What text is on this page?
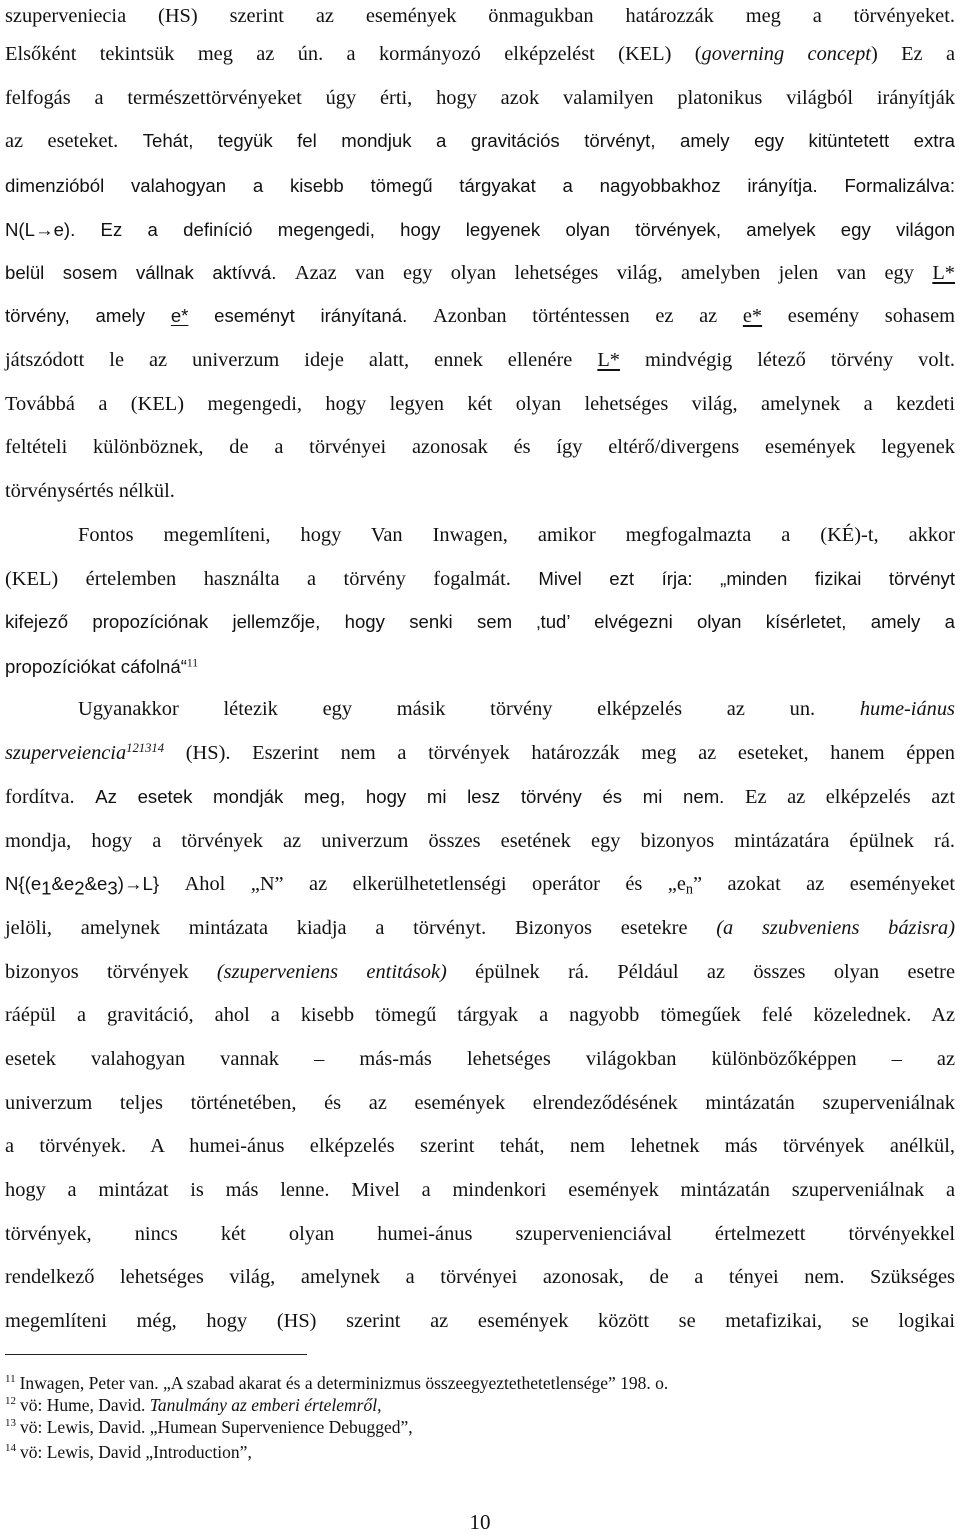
szupervenieciа (HS) szerint az események önmagukban határozzák meg a törvényeket.
Elsőként tekintsük meg az ún. a kormányozó elképzelést (KEL) (governing concept) Ez a
felfogás a természettörvényeket úgy érti, hogy azok valamilyen platonikus világból irányítják
az eseteket. Tehát, tegyük fel mondjuk a gravitációs törvényt, amely egy kitüntetett extra
dimenzióból valahogyan a kisebb tömegű tárgyakat a nagyobbakhoz irányítja. Formalizálva:
N(L→e). Ez a definíció megengedi, hogy legyenek olyan törvények, amelyek egy világon
belül sosem vállnak aktívvá. Azaz van egy olyan lehetséges világ, amelyben jelen van egy L*
törvény, amely e* eseményt irányítaná. Azonban történtessen ez az e* esemény sohasem
játszódott le az univerzum ideje alatt, ennek ellenére L* mindvégig létező törvény volt.
Továbbá a (KEL) megengedi, hogy legyen két olyan lehetséges világ, amelynek a kezdeti
feltételi különböznek, de a törvényei azonosak és így eltérő/divergens események legyenek
törvénysértés nélkül.
Fontos megemlíteni, hogy Van Inwagen, amikor megfogalmazta a (KÉ)-t, akkor
(KEL) értelemben használta a törvény fogalmát. Mivel ezt írja: „minden fizikai törvényt
kifejező propozíciónak jellemzője, hogy senki sem ‚tud’ elvégezni olyan kísérletet, amely a
propozíciókat cáfolná“$^{11}$
Ugyanakkor létezik egy másik törvény elképzelés az un. hume-iánus
szuperveiencia$^{121314}$ (HS). Eszerint nem a törvények határozzák meg az eseteket, hanem éppen
fordítva. Az esetek mondják meg, hogy mi lesz törvény és mi nem. Ez az elképzelés azt
mondja, hogy a törvények az univerzum összes esetének egy bizonyos mintázatára épülnek rá.
$N\{(e_1\&e_2\&e_3)\to L\}$ Ahol „N” az elkerülhetetlenségi operátor és $„e_n$” azokat az eseményeket
jelöli, amelynek mintázata kiadja a törvényt. Bizonyos esetekre (a szubveniens bázisra)
bizonyos törvények (szuperveniens entitások) épülnek rá. Például az összes olyan esetre
ráépül a gravitáció, ahol a kisebb tömegű tárgyak a nagyobb tömegűek felé közelednek. Az
esetek valahogyan vannak – más-más lehetséges világokban különbözőképpen – az
univerzum teljes történetében, és az események elrendeződésének mintázatán szuperveniálnak
a törvények. A humei-ánus elképzelés szerint tehát, nem lehetnek más törvények anélkül,
hogy a mintázat is más lenne. Mivel a mindenkori események mintázatán szuperveniálnak a
törvények, nincs két olyan humei-ánus szupervenienciával értelmezett törvényekkel
rendelkező lehetséges világ, amelynek a törvényei azonosak, de a tényei nem. Szükséges
megemlíteni még, hogy (HS) szerint az események között se metafizikai, se logikai
$^{11}$ Inwagen, Peter van. „A szabad akarat és a determinizmus összeegyeztethetetlensége” 198. o.
$^{12}$ vö: Hume, David. Tanulmány az emberi értelemről,
$^{13}$ vö: Lewis, David. „Humean Supervenience Debugged”,
$^{14}$ vö: Lewis, David „Introduction”,
10
